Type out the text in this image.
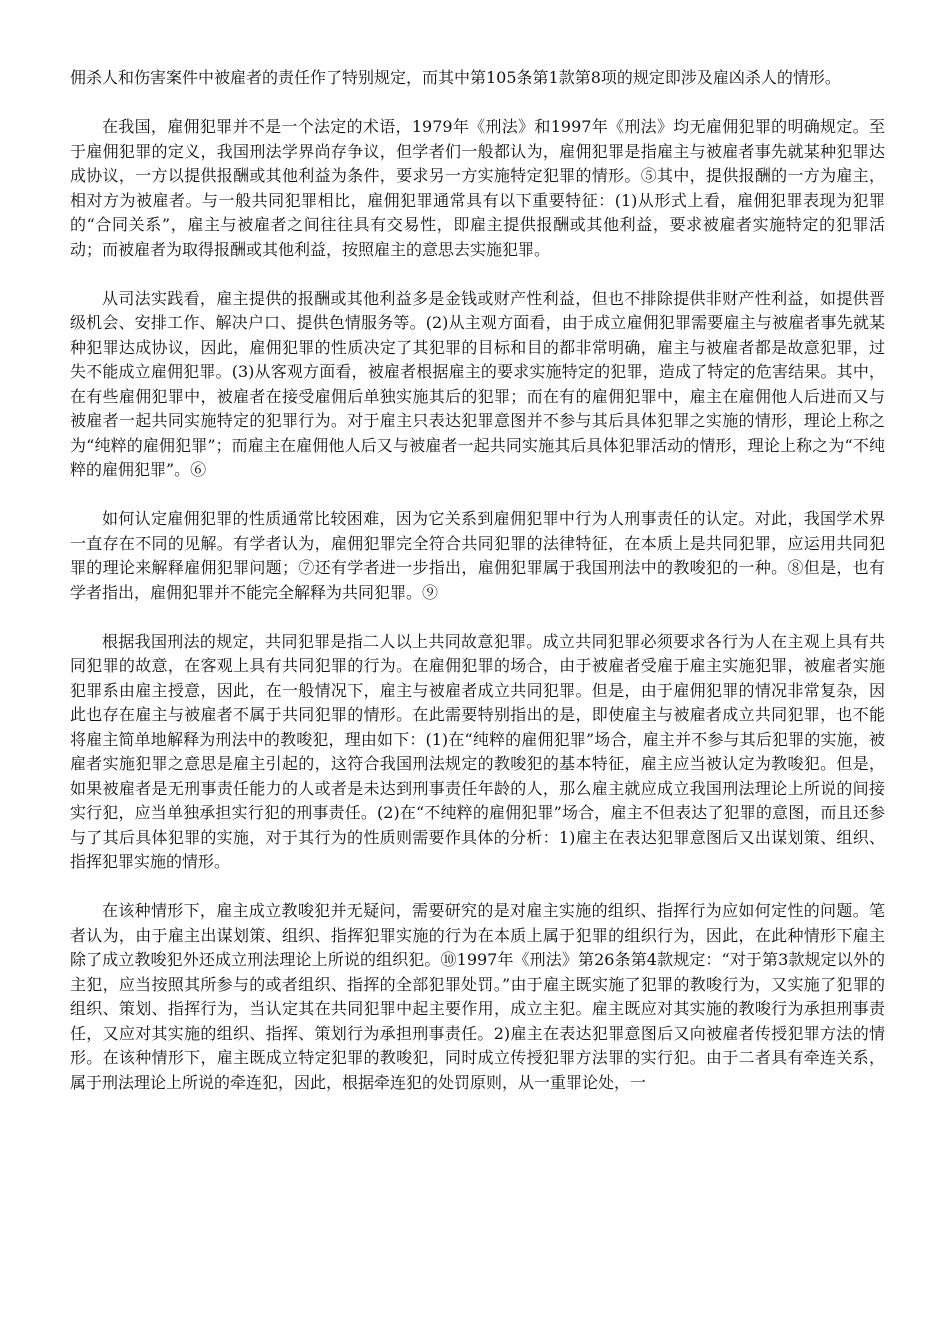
佣杀人和伤害案件中被雇者的责任作了特别规定，而其中第105条第1款第8项的规定即涉及雇凶杀人的情形。

在我国，雇佣犯罪并不是一个法定的术语，1979年《刑法》和1997年《刑法》均无雇佣犯罪的明确规定。至于雇佣犯罪的定义，我国刑法学界尚存争议，但学者们一般都认为，雇佣犯罪是指雇主与被雇者事先就某种犯罪达成协议，一方以提供报酬或其他利益为条件，要求另一方实施特定犯罪的情形。⑤其中，提供报酬的一方为雇主，相对方为被雇者。与一般共同犯罪相比，雇佣犯罪通常具有以下重要特征：(1)从形式上看，雇佣犯罪表现为犯罪的“合同关系”，雇主与被雇者之间往往具有交易性，即雇主提供报酬或其他利益，要求被雇者实施特定的犯罪活动；而被雇者为取得报酬或其他利益，按照雇主的意思去实施犯罪。

从司法实践看，雇主提供的报酬或其他利益多是金钱或财产性利益，但也不排除提供非财产性利益，如提供晋级机会、安排工作、解决户口、提供色情服务等。(2)从主观方面看，由于成立雇佣犯罪需要雇主与被雇者事先就某种犯罪达成协议，因此，雇佣犯罪的性质决定了其犯罪的目标和目的都非常明确，雇主与被雇者都是故意犯罪，过失不能成立雇佣犯罪。(3)从客观方面看，被雇者根据雇主的要求实施特定的犯罪，造成了特定的危害结果。其中，在有些雇佣犯罪中，被雇者在接受雇佣后单独实施其后的犯罪；而在有的雇佣犯罪中，雇主在雇佣他人后进而又与被雇者一起共同实施特定的犯罪行为。对于雇主只表达犯罪意图并不参与其后具体犯罪之实施的情形，理论上称之为“纯粹的雇佣犯罪”；而雇主在雇佣他人后又与被雇者一起共同实施其后具体犯罪活动的情形，理论上称之为“不纯粹的雇佣犯罪”。⑥

如何认定雇佣犯罪的性质通常比较困难，因为它关系到雇佣犯罪中行为人刑事责任的认定。对此，我国学术界一直存在不同的见解。有学者认为，雇佣犯罪完全符合共同犯罪的法律特征，在本质上是共同犯罪，应运用共同犯罪的理论来解释雇佣犯罪问题；⑦还有学者进一步指出，雇佣犯罪属于我国刑法中的教唆犯的一种。⑧但是，也有学者指出，雇佣犯罪并不能完全解释为共同犯罪。⑨

根据我国刑法的规定，共同犯罪是指二人以上共同故意犯罪。成立共同犯罪必须要求各行为人在主观上具有共同犯罪的故意，在客观上具有共同犯罪的行为。在雇佣犯罪的场合，由于被雇者受雇于雇主实施犯罪，被雇者实施犯罪系由雇主授意，因此，在一般情况下，雇主与被雇者成立共同犯罪。但是，由于雇佣犯罪的情况非常复杂，因此也存在雇主与被雇者不属于共同犯罪的情形。在此需要特别指出的是，即使雇主与被雇者成立共同犯罪，也不能将雇主简单地解释为刑法中的教唆犯，理由如下：(1)在“纯粹的雇佣犯罪”场合，雇主并不参与其后犯罪的实施，被雇者实施犯罪之意思是雇主引起的，这符合我国刑法规定的教唆犯的基本特征，雇主应当被认定为教唆犯。但是，如果被雇者是无刑事责任能力的人或者是未达到刑事责任年龄的人，那么雇主就应成立我国刑法理论上所说的间接实行犯，应当单独承担实行犯的刑事责任。(2)在“不纯粹的雇佣犯罪”场合，雇主不但表达了犯罪的意图，而且还参与了其后具体犯罪的实施，对于其行为的性质则需要作具体的分析：1)雇主在表达犯罪意图后又出谋划策、组织、指挥犯罪实施的情形。

在该种情形下，雇主成立教唆犯并无疑问，需要研究的是对雇主实施的组织、指挥行为应如何定性的问题。笔者认为，由于雇主出谋划策、组织、指挥犯罪实施的行为在本质上属于犯罪的组织行为，因此，在此种情形下雇主除了成立教唆犯外还成立刑法理论上所说的组织犯。⑩1997年《刑法》第26条第4款规定：“对于第3款规定以外的主犯，应当按照其所参与的或者组织、指挥的全部犯罪处罚。”由于雇主既实施了犯罪的教唆行为，又实施了犯罪的组织、策划、指挥行为，当认定其在共同犯罪中起主要作用，成立主犯。雇主既应对其实施的教唆行为承担刑事责任，又应对其实施的组织、指挥、策划行为承担刑事责任。2)雇主在表达犯罪意图后又向被雇者传授犯罪方法的情形。在该种情形下，雇主既成立特定犯罪的教唆犯，同时成立传授犯罪方法罪的实行犯。由于二者具有牵连关系，属于刑法理论上所说的牵连犯，因此，根据牵连犯的处罚原则，从一重罪论处，一
